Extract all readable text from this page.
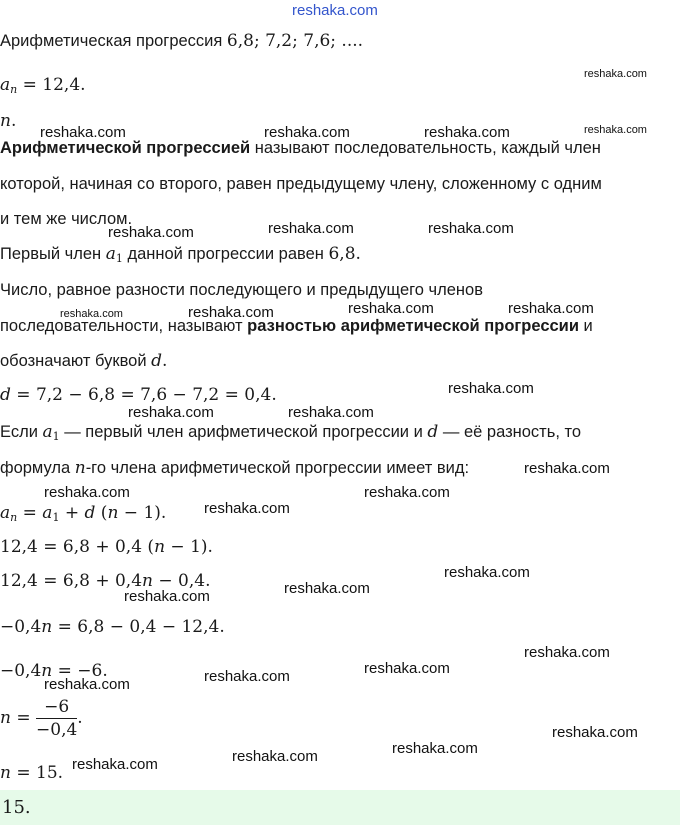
reshaka.com
reshaka.com
reshaka.com
reshaka.com	reshaka.com	reshaka.com
reshaka.com	reshaka.com	reshaka.com
reshaka.com	reshaka.com	reshaka.com	reshaka.com
reshaka.com
reshaka.com	reshaka.com
reshaka.com
reshaka.com	reshaka.com
reshaka.com
reshaka.com
reshaka.com
reshaka.com
reshaka.com
reshaka.com
reshaka.com
reshaka.com
reshaka.com
reshaka.com
reshaka.com
reshaka.com
Арифметическая прогрессия 6,8; 7,2; 7,6; ....
$a_n = 12,4$.
n.
Арифметической прогрессией называют последовательность, каждый член
которой, начиная со второго, равен предыдущему члену, сложенному с одним
и тем же числом.
Первый член $a_1$ данной прогрессии равен 6,8.
Число, равное разности последующего и предыдущего членов
последовательности, называют разностью арифметической прогрессии и
обозначают буквой d.
d = 7,2 − 6,8 = 7,6 − 7,2 = 0,4.
Если $a_1$ — первый член арифметической прогрессии и d — её разность, то
формула n-го члена арифметической прогрессии имеет вид:
$a_n = a_1 + d$ (n − 1).
12,4 = 6,8 + 0,4 (n − 1).
12,4 = 6,8 + 0,4n − 0,4.
−0,4n = 6,8 − 0,4 − 12,4.
−0,4n = −6.
$n = \frac{-6}{-0,4}$ .
n = 15.
15.
